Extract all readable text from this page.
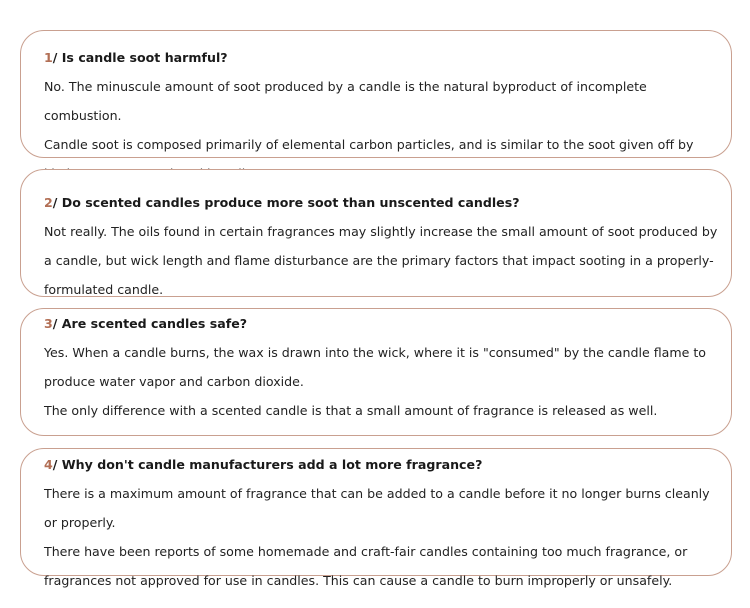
1/ Is candle soot harmful?

No. The minuscule amount of soot produced by a candle is the natural byproduct of incomplete combustion.

Candle soot is composed primarily of elemental carbon particles, and is similar to the soot given off by

2/ Do scented candles produce more soot than unscented candles?

Not really. The oils found in certain fragrances may slightly increase the small amount of soot produced by a candle, but wick length and flame disturbance are the primary factors that impact sooting in a properly-formulated candle.

3/ Are scented candles safe?

Yes. When a candle burns, the wax is drawn into the wick, where it is "consumed" by the candle flame to produce water vapor and carbon dioxide.

The only difference with a scented candle is that a small amount of fragrance is released as well.

4/ Why don't candle manufacturers add a lot more fragrance?

There is a maximum amount of fragrance that can be added to a candle before it no longer burns cleanly or properly.

There have been reports of some homemade and craft-fair candles containing too much fragrance, or fragrances not approved for use in candles. This can cause a candle to burn improperly or unsafely.
